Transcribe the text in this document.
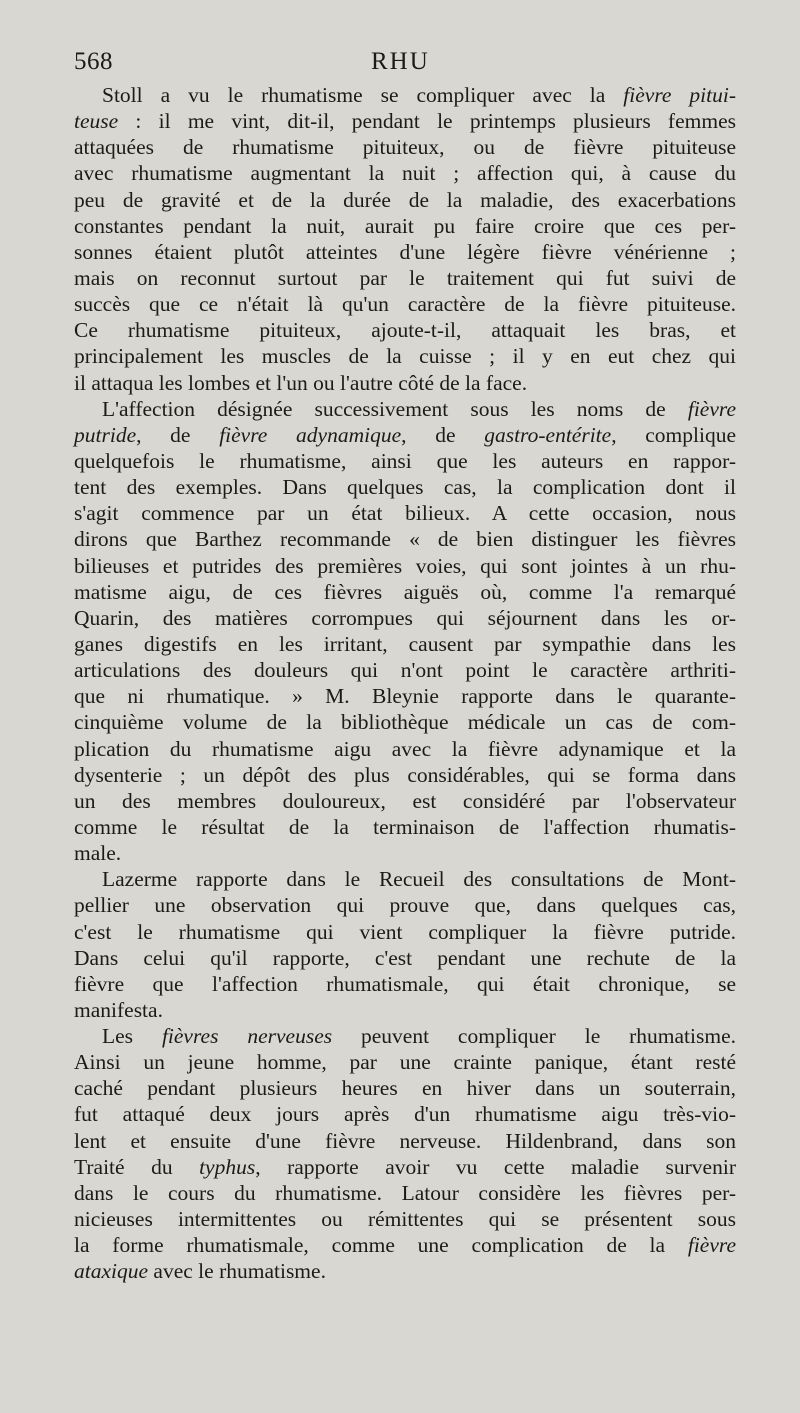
568	RHU
Stoll a vu le rhumatisme se compliquer avec la fièvre pitui-
teuse : il me vint, dit-il, pendant le printemps plusieurs femmes
attaquées de rhumatisme pituiteux, ou de fièvre pituiteuse
avec rhumatisme augmentant la nuit ; affection qui, à cause du
peu de gravité et de la durée de la maladie, des exacerbations
constantes pendant la nuit, aurait pu faire croire que ces per-
sonnes étaient plutôt atteintes d'une légère fièvre vénérienne ;
mais on reconnut surtout par le traitement qui fut suivi de
succès que ce n'était là qu'un caractère de la fièvre pituiteuse.
Ce rhumatisme pituiteux, ajoute-t-il, attaquait les bras, et
principalement les muscles de la cuisse ; il y en eut chez qui
il attaqua les lombes et l'un ou l'autre côté de la face.
L'affection désignée successivement sous les noms de fièvre
putride, de fièvre adynamique, de gastro-entérite, complique
quelquefois le rhumatisme, ainsi que les auteurs en rappor-
tent des exemples. Dans quelques cas, la complication dont il
s'agit commence par un état bilieux. A cette occasion, nous
dirons que Barthez recommande « de bien distinguer les fièvres
bilieuses et putrides des premières voies, qui sont jointes à un rhu-
matisme aigu, de ces fièvres aiguës où, comme l'a remarqué
Quarin, des matières corrompues qui séjournent dans les or-
ganes digestifs en les irritant, causent par sympathie dans les
articulations des douleurs qui n'ont point le caractère arthriti-
que ni rhumatique. » M. Bleynie rapporte dans le quarante-
cinquième volume de la bibliothèque médicale un cas de com-
plication du rhumatisme aigu avec la fièvre adynamique et la
dysenterie ; un dépôt des plus considérables, qui se forma dans
un des membres douloureux, est considéré par l'observateur
comme le résultat de la terminaison de l'affection rhumatis-
male.
Lazerme rapporte dans le Recueil des consultations de Mont-
pellier une observation qui prouve que, dans quelques cas,
c'est le rhumatisme qui vient compliquer la fièvre putride.
Dans celui qu'il rapporte, c'est pendant une rechute de la
fièvre que l'affection rhumatismale, qui était chronique, se
manifesta.
Les fièvres nerveuses peuvent compliquer le rhumatisme.
Ainsi un jeune homme, par une crainte panique, étant resté
caché pendant plusieurs heures en hiver dans un souterrain,
fut attaqué deux jours après d'un rhumatisme aigu très-vio-
lent et ensuite d'une fièvre nerveuse. Hildenbrand, dans son
Traité du typhus, rapporte avoir vu cette maladie survenir
dans le cours du rhumatisme. Latour considère les fièvres per-
nicieuses intermittentes ou rémittentes qui se présentent sous
la forme rhumatismale, comme une complication de la fièvre
ataxique avec le rhumatisme.
